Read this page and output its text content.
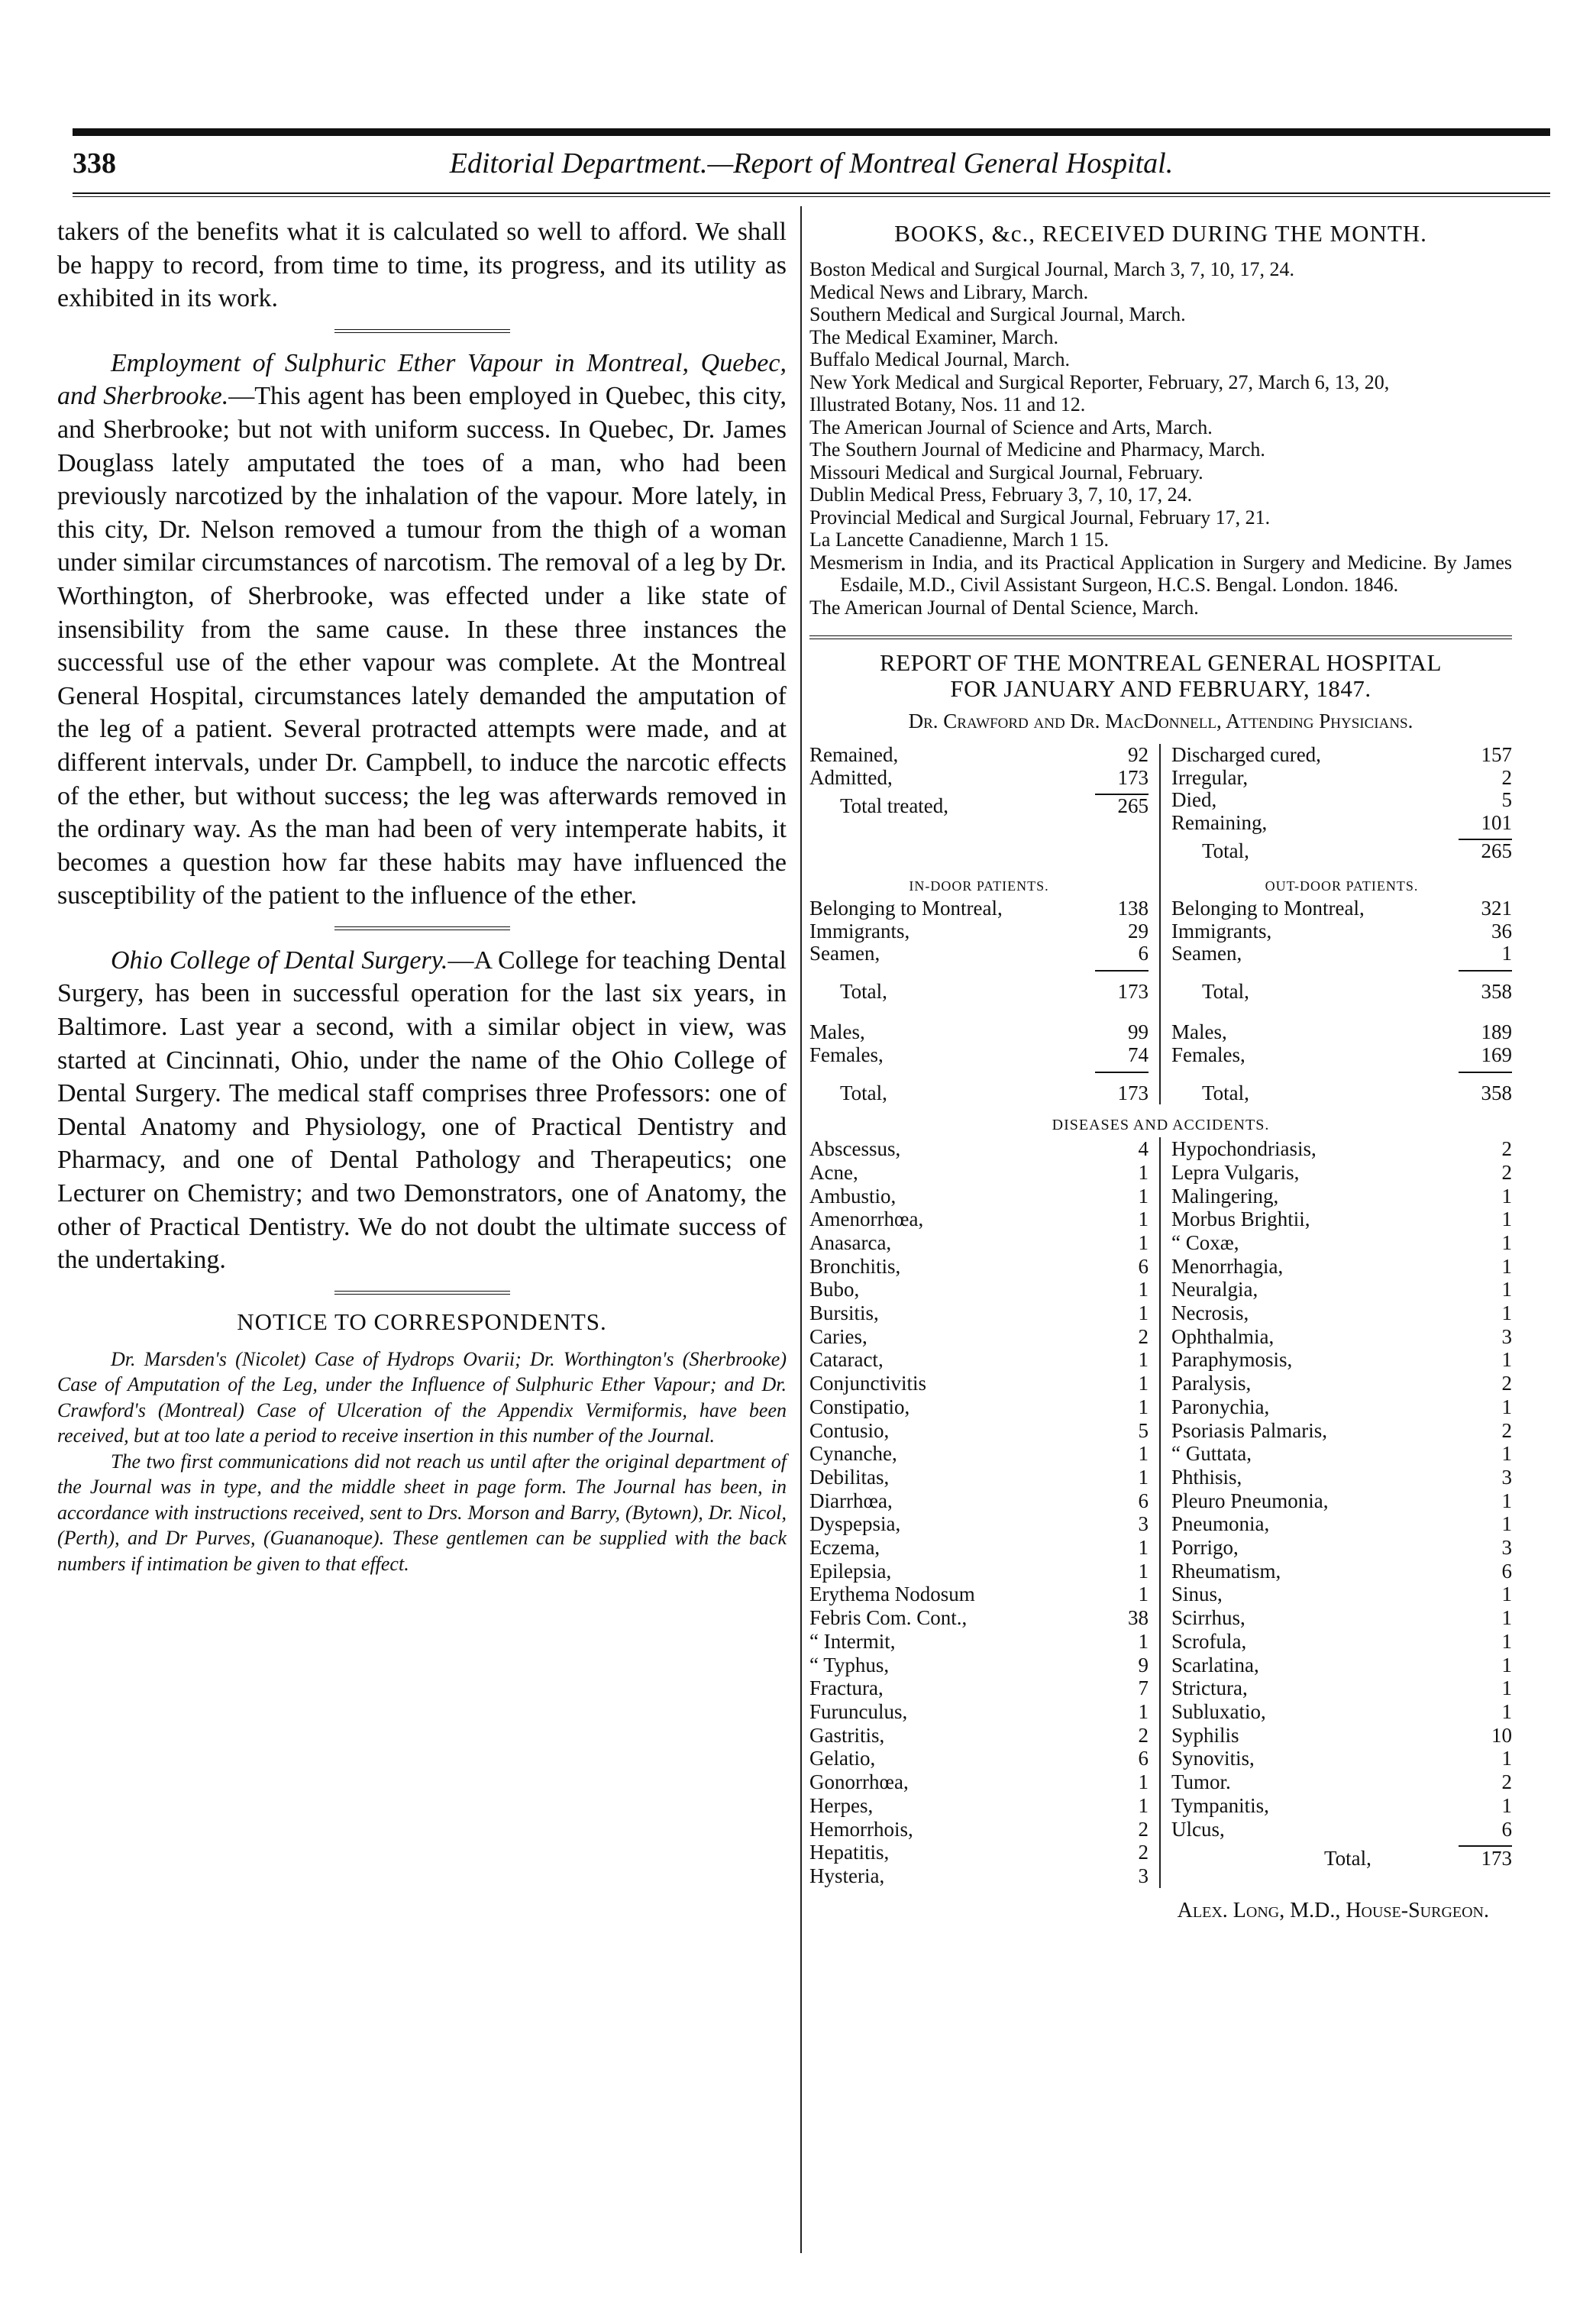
338	Editorial Department.—Report of Montreal General Hospital.

takers of the benefits what it is calculated so well to afford. We shall be happy to record, from time to time, its progress, and its utility as exhibited in its work.

Employment of Sulphuric Ether Vapour in Montreal, Quebec, and Sherbrooke.—This agent has been employed in Quebec, this city, and Sherbrooke; but not with uniform success. In Quebec, Dr. James Douglass lately amputated the toes of a man, who had been previously narcotized by the inhalation of the vapour. More lately, in this city, Dr. Nelson removed a tumour from the thigh of a woman under similar circumstances of narcotism. The removal of a leg by Dr. Worthington, of Sherbrooke, was effected under a like state of insensibility from the same cause. In these three instances the successful use of the ether vapour was complete. At the Montreal General Hospital, circumstances lately demanded the amputation of the leg of a patient. Several protracted attempts were made, and at different intervals, under Dr. Campbell, to induce the narcotic effects of the ether, but without success; the leg was afterwards removed in the ordinary way. As the man had been of very intemperate habits, it becomes a question how far these habits may have influenced the susceptibility of the patient to the influence of the ether.

Ohio College of Dental Surgery.—A College for teaching Dental Surgery, has been in successful operation for the last six years, in Baltimore. Last year a second, with a similar object in view, was started at Cincinnati, Ohio, under the name of the Ohio College of Dental Surgery. The medical staff comprises three Professors: one of Dental Anatomy and Physiology, one of Practical Dentistry and Pharmacy, and one of Dental Pathology and Therapeutics; one Lecturer on Chemistry; and two Demonstrators, one of Anatomy, the other of Practical Dentistry. We do not doubt the ultimate success of the undertaking.

NOTICE TO CORRESPONDENTS.

Dr. Marsden's (Nicolet) Case of Hydrops Ovarii; Dr. Worthington's (Sherbrooke) Case of Amputation of the Leg, under the Influence of Sulphuric Ether Vapour; and Dr. Crawford's (Montreal) Case of Ulceration of the Appendix Vermiformis, have been received, but at too late a period to receive insertion in this number of the Journal.

The two first communications did not reach us until after the original department of the Journal was in type, and the middle sheet in page form. The Journal has been, in accordance with instructions received, sent to Drs. Morson and Barry, (Bytown), Dr. Nicol, (Perth), and Dr Purves, (Guananoque). These gentlemen can be supplied with the back numbers if intimation be given to that effect.

BOOKS, &c., RECEIVED DURING THE MONTH.
Boston Medical and Surgical Journal, March 3, 7, 10, 17, 24.
Medical News and Library, March.
Southern Medical and Surgical Journal, March.
The Medical Examiner, March.
Buffalo Medical Journal, March.
New York Medical and Surgical Reporter, February, 27, March 6, 13, 20,
Illustrated Botany, Nos. 11 and 12.
The American Journal of Science and Arts, March.
The Southern Journal of Medicine and Pharmacy, March.
Missouri Medical and Surgical Journal, February.
Dublin Medical Press, February 3, 7, 10, 17, 24.
Provincial Medical and Surgical Journal, February 17, 21.
La Lancette Canadienne, March 1 15.
Mesmerism in India, and its Practical Application in Surgery and Medicine. By James Esdaile, M.D., Civil Assistant Surgeon, H.C.S. Bengal. London. 1846.
The American Journal of Dental Science, March.
REPORT OF THE MONTREAL GENERAL HOSPITAL
FOR JANUARY AND FEBRUARY, 1847.
Dr. Crawford and Dr. MacDonnell, Attending Physicians.
Remained,	92
Admitted,	173
Total treated,	265
Discharged cured,	157
Irregular,	2
Died,	5
Remaining,	101
Total,	265
IN-DOOR PATIENTS.
Belonging to Montreal,	138
Immigrants,	29
Seamen,	6
Total,	173
Males,	99
Females,	74
Total,	173
OUT-DOOR PATIENTS.
Belonging to Montreal,	321
Immigrants,	36
Seamen,	1
Total,	358
Males,	189
Females,	169
Total,	358
DISEASES AND ACCIDENTS.
Abscessus,	4
Acne,	1
Ambustio,	1
Amenorrhœa,	1
Anasarca,	1
Bronchitis,	6
Bubo,	1
Bursitis,	1
Caries,	2
Cataract,	1
Conjunctivitis	1
Constipatio,	1
Contusio,	5
Cynanche,	1
Debilitas,	1
Diarrhœa,	6
Dyspepsia,	3
Eczema,	1
Epilepsia,	1
Erythema Nodosum	1
Febris Com. Cont.,	38
“ Intermit,	1
“ Typhus,	9
Fractura,	7
Furunculus,	1
Gastritis,	2
Gelatio,	6
Gonorrhœa,	1
Herpes,	1
Hemorrhois,	2
Hepatitis,	2
Hysteria,	3
Hypochondriasis,	2
Lepra Vulgaris,	2
Malingering,	1
Morbus Brightii,	1
“ Coxæ,	1
Menorrhagia,	1
Neuralgia,	1
Necrosis,	1
Ophthalmia,	3
Paraphymosis,	1
Paralysis,	2
Paronychia,	1
Psoriasis Palmaris,	2
“ Guttata,	1
Phthisis,	3
Pleuro Pneumonia,	1
Pneumonia,	1
Porrigo,	3
Rheumatism,	6
Sinus,	1
Scirrhus,	1
Scrofula,	1
Scarlatina,	1
Strictura,	1
Subluxatio,	1
Syphilis	10
Synovitis,	1
Tumor.	2
Tympanitis,	1
Ulcus,	6
Total,	173
Alex. Long, M.D., House-Surgeon.
